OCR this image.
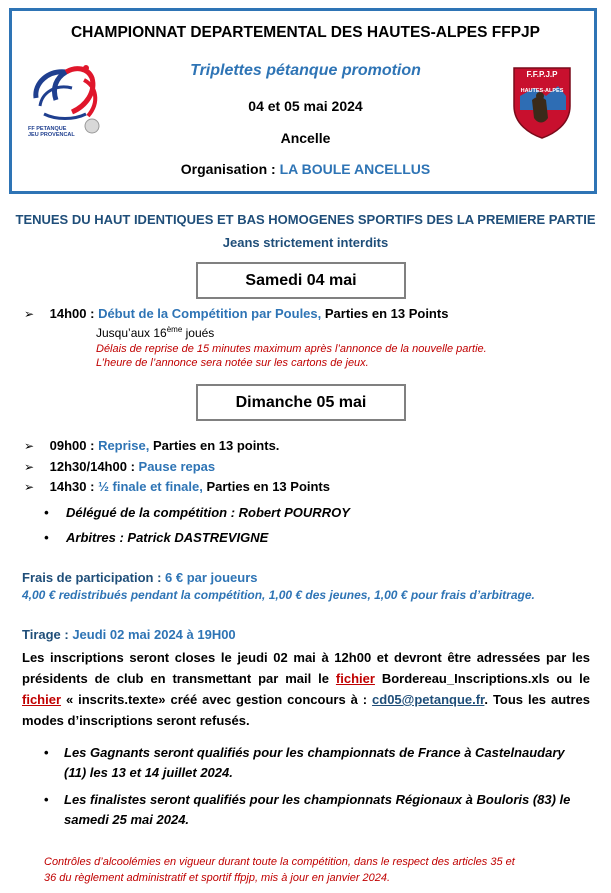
FF PETANQUE
JEU PROVENCAL
F.F.P.J.P
HAUTES-ALPES
CHAMPIONNAT DEPARTEMENTAL DES HAUTES-ALPES FFPJP
Triplettes pétanque promotion
04 et 05 mai 2024
Ancelle
Organisation : LA BOULE ANCELLUS
TENUES DU HAUT IDENTIQUES ET BAS HOMOGENES SPORTIFS DES LA PREMIERE PARTIE
Jeans strictement interdits
Samedi 04 mai
➢ 14h00 : Début de la Compétition par Poules, Parties en 13 Points
Jusqu’aux 16ème joués
Délais de reprise de 15 minutes maximum après l’annonce de la nouvelle partie.
L’heure de l’annonce sera notée sur les cartons de jeux.
Dimanche 05 mai
➢ 09h00 : Reprise, Parties en 13 points.
➢ 12h30/14h00 : Pause repas
➢ 14h30 : ½ finale et finale, Parties en 13 Points
• Délégué de la compétition : Robert POURROY
• Arbitres : Patrick DASTREVIGNE
Frais de participation : 6 € par joueurs
4,00 € redistribués pendant la compétition, 1,00 € des jeunes, 1,00 € pour frais d’arbitrage.
Tirage : Jeudi 02 mai 2024 à 19H00
Les inscriptions seront closes le jeudi 02 mai à 12h00 et devront être adressées par les présidents de club en transmettant par mail le fichier Bordereau_Inscriptions.xls ou le fichier « inscrits.texte» créé avec gestion concours à : cd05@petanque.fr. Tous les autres modes d’inscriptions seront refusés.
• Les Gagnants seront qualifiés pour les championnats de France à Castelnaudary (11) les 13 et 14 juillet 2024.
• Les finalistes seront qualifiés pour les championnats Régionaux à Bouloris (83) le samedi 25 mai 2024.
Contrôles d’alcoolémies en vigueur durant toute la compétition, dans le respect des articles 35 et
36 du règlement administratif et sportif ffpjp, mis à jour en janvier 2024.
